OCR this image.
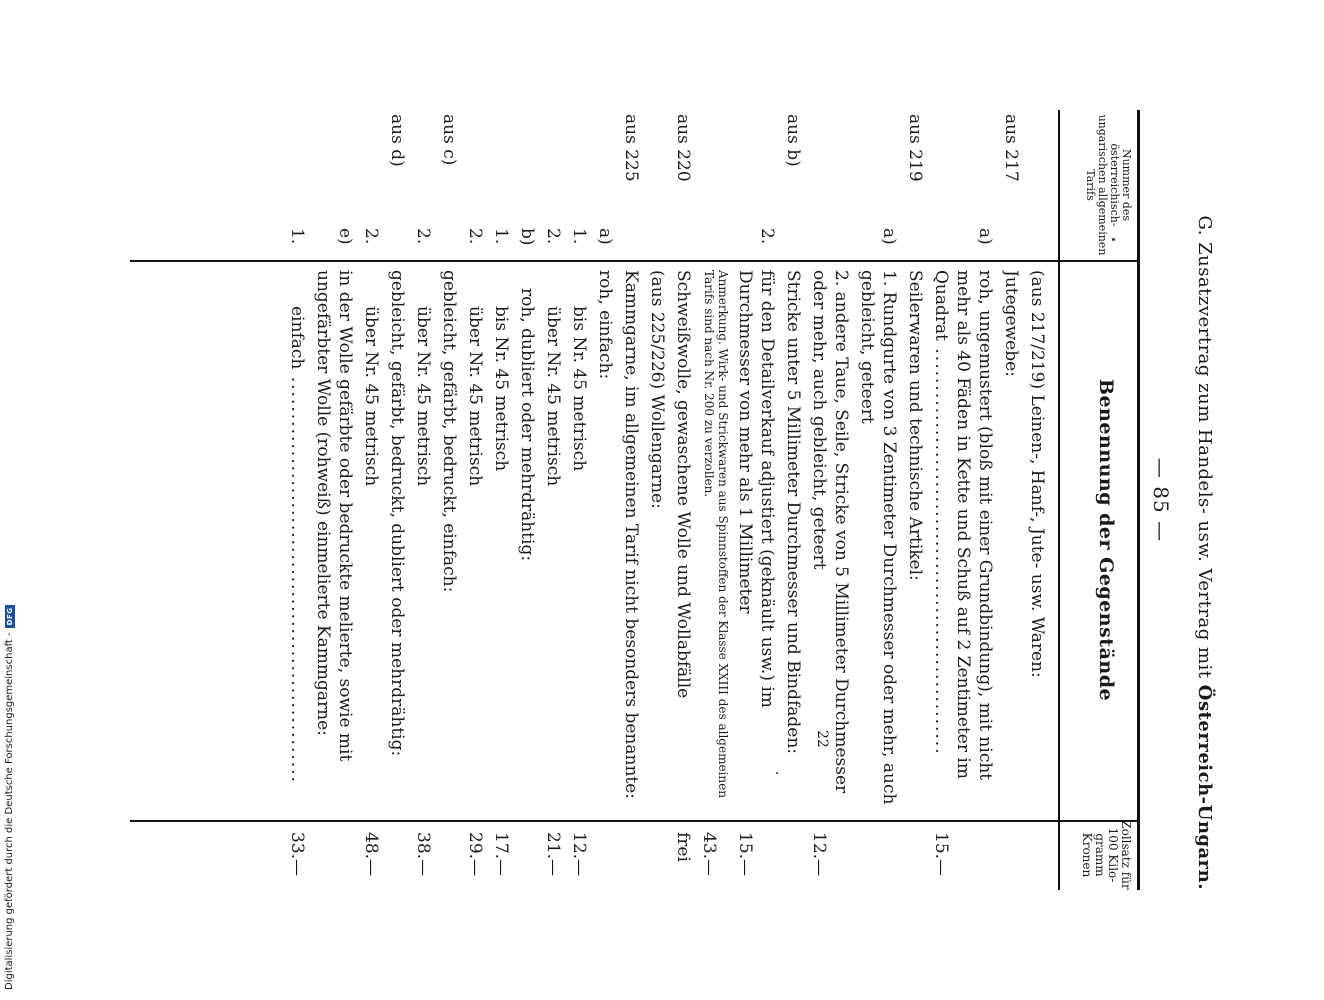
G. Zusatzvertrag zum Handels- usw. Vertrag mit Österreich-Ungarn.
— 85 —
Nummer des österreichisch-ungarischen allgemeinen Tarifs
Benennung der Gegenstände
Zollsatz für 100 Kilo-gramm Kronen
(aus 217/219) Leinen-, Hanf-, Jute- usw. Waren:
aus 217
Jutegewebe:
a)
roh, ungemustert (bloß mit einer Grundbindung), mit nicht mehr als 40 Fäden in Kette und Schuß auf 2 Zentimeter im Quadrat .....
15.—
aus 219
Seilerwaren und technische Artikel:
a)
1. Rundgurte von 3 Zentimeter Durchmesser oder mehr, auch gebleicht, geteert .....
2. andere Taue, Seile, Stricke von 5 Millimeter Durchmesser oder mehr, auch gebleicht, geteert .....
12.—
aus b)
Stricke unter 5 Millimeter Durchmesser und Bindfaden:
2.
für den Detailverkauf adjustiert (geknäult usw.) im Durchmesser von mehr als 1 Millimeter .....
15.—
Anmerkung. Wirk- und Strickwaren aus Spinnstoffen der Klasse XXIII des allgemeinen Tarifs sind nach Nr. 200 zu verzollen.
43.—
aus 220
Schweißwolle, gewaschene Wolle und Wollabfälle .....
frei
(aus 225/226) Wollengarne:
aus 225
Kammgarne, im allgemeinen Tarif nicht besonders benannte:
a)
roh, einfach:
1.
bis Nr. 45 metrisch .....
12.—
2.
über Nr. 45 metrisch .....
21.—
b)
roh, dubliert oder mehrdrähtig:
1.
bis Nr. 45 metrisch .....
17.—
2.
über Nr. 45 metrisch .....
29.—
aus c)
gebleicht, gefärbt, bedruckt, einfach:
2.
über Nr. 45 metrisch .....
38.—
aus d)
gebleicht, gefärbt, bedruckt, dubliert oder mehrdrähtig:
2.
über Nr. 45 metrisch .....
48.—
e)
in der Wolle gefärbte oder bedruckte melierte, sowie mit ungefärbter Wolle (rohweiß) einmelierte Kammgarne:
1.
einfach .....
33.—
Digitalisierung gefördert durch die Deutsche Forschungsgemeinschaft -
DFG
22
